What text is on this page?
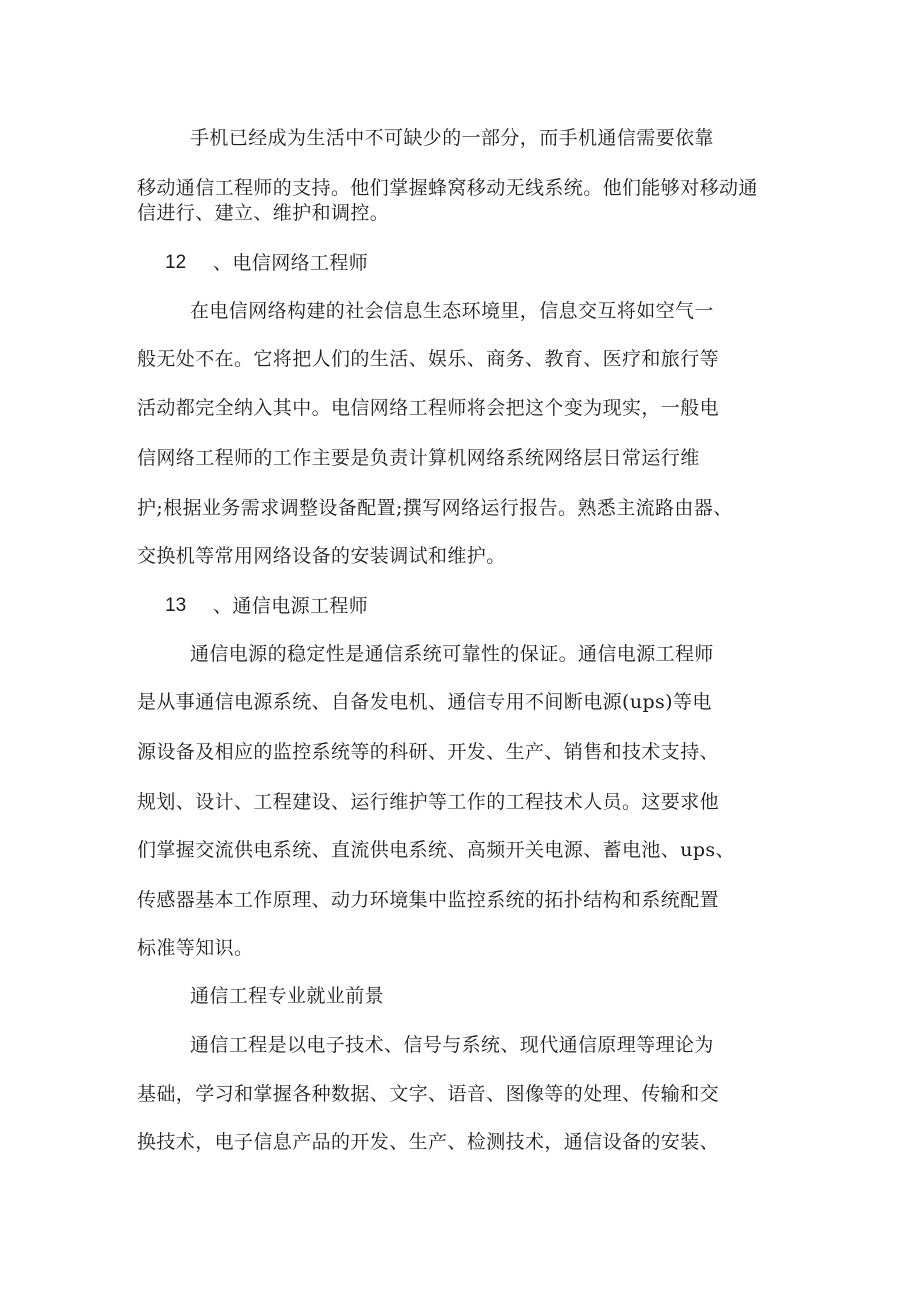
手机已经成为生活中不可缺少的一部分，而手机通信需要依靠
移动通信工程师的支持。他们掌握蜂窝移动无线系统。他们能够对移动通
信进行、建立、维护和调控。
12 、电信网络工程师
在电信网络构建的社会信息生态环境里，信息交互将如空气一
般无处不在。它将把人们的生活、娱乐、商务、教育、医疗和旅行等
活动都完全纳入其中。电信网络工程师将会把这个变为现实，一般电
信网络工程师的工作主要是负责计算机网络系统网络层日常运行维
护;根据业务需求调整设备配置;撰写网络运行报告。熟悉主流路由器、
交换机等常用网络设备的安装调试和维护。
13 、通信电源工程师
通信电源的稳定性是通信系统可靠性的保证。通信电源工程师
是从事通信电源系统、自备发电机、通信专用不间断电源(ups)等电
源设备及相应的监控系统等的科研、开发、生产、销售和技术支持、
规划、设计、工程建设、运行维护等工作的工程技术人员。这要求他
们掌握交流供电系统、直流供电系统、高频开关电源、蓄电池、ups、
传感器基本工作原理、动力环境集中监控系统的拓扑结构和系统配置
标准等知识。
通信工程专业就业前景
通信工程是以电子技术、信号与系统、现代通信原理等理论为
基础，学习和掌握各种数据、文字、语音、图像等的处理、传输和交
换技术，电子信息产品的开发、生产、检测技术，通信设备的安装、
